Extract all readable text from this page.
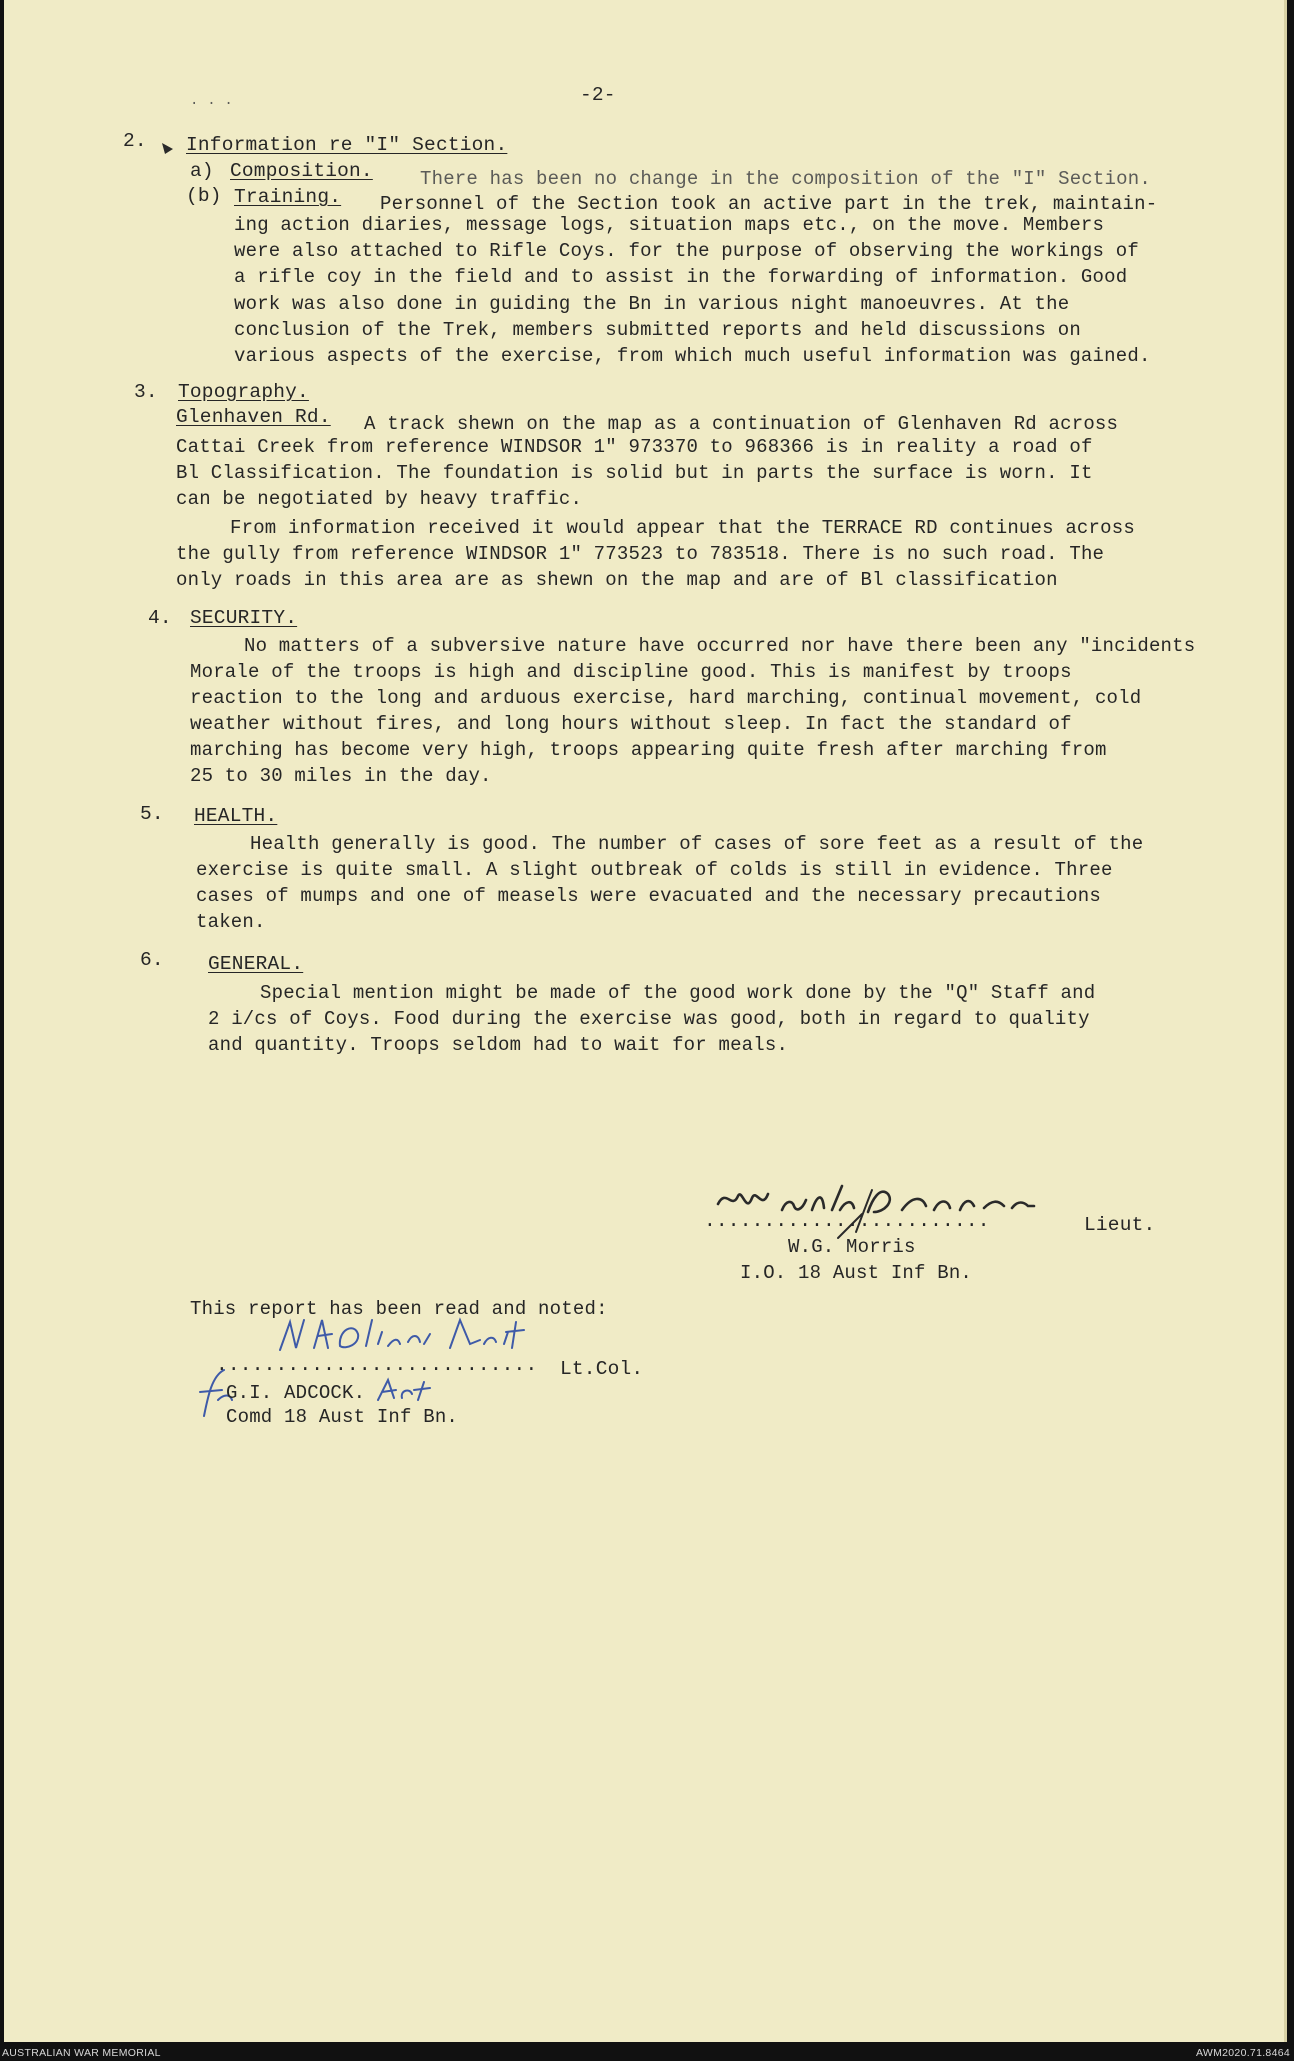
. . .	-2-
2. Information re "I" Section.
a) Composition. There has been no change in the composition of the "I" Section.
(b) Training. Personnel of the Section took an active part in the trek, maintain-
ing action diaries, message logs, situation maps etc., on the move. Members
were also attached to Rifle Coys. for the purpose of observing the workings of
a rifle coy in the field and to assist in the forwarding of information. Good
work was also done in guiding the Bn in various night manoeuvres. At the
conclusion of the Trek, members submitted reports and held discussions on
various aspects of the exercise, from which much useful information was gained.
3. Topography.
Glenhaven Rd. A track shewn on the map as a continuation of Glenhaven Rd across
Cattai Creek from reference WINDSOR 1" 973370 to 968366 is in reality a road of
Bl Classification. The foundation is solid but in parts the surface is worn. It
can be negotiated by heavy traffic.
From information received it would appear that the TERRACE RD continues across
the gully from reference WINDSOR 1" 773523 to 783518. There is no such road. The
only roads in this area are as shewn on the map and are of Bl classification
4. SECURITY.
No matters of a subversive nature have occurred nor have there been any "incidents
Morale of the troops is high and discipline good. This is manifest by troops
reaction to the long and arduous exercise, hard marching, continual movement, cold
weather without fires, and long hours without sleep. In fact the standard of
marching has become very high, troops appearing quite fresh after marching from
25 to 30 miles in the day.
5. HEALTH.
Health generally is good. The number of cases of sore feet as a result of the
exercise is quite small. A slight outbreak of colds is still in evidence. Three
cases of mumps and one of measels were evacuated and the necessary precautions
taken.
6. GENERAL.
Special mention might be made of the good work done by the "Q" Staff and
2 i/cs of Coys. Food during the exercise was good, both in regard to quality
and quantity. Troops seldom had to wait for meals.
........................	Lieut.
W.G. Morris
I.O. 18 Aust Inf Bn.
This report has been read and noted:
........................... Lt.Col.
G.I. ADCOCK.
Comd 18 Aust Inf Bn.
AUSTRALIAN WAR MEMORIAL	AWM2020.71.8464
